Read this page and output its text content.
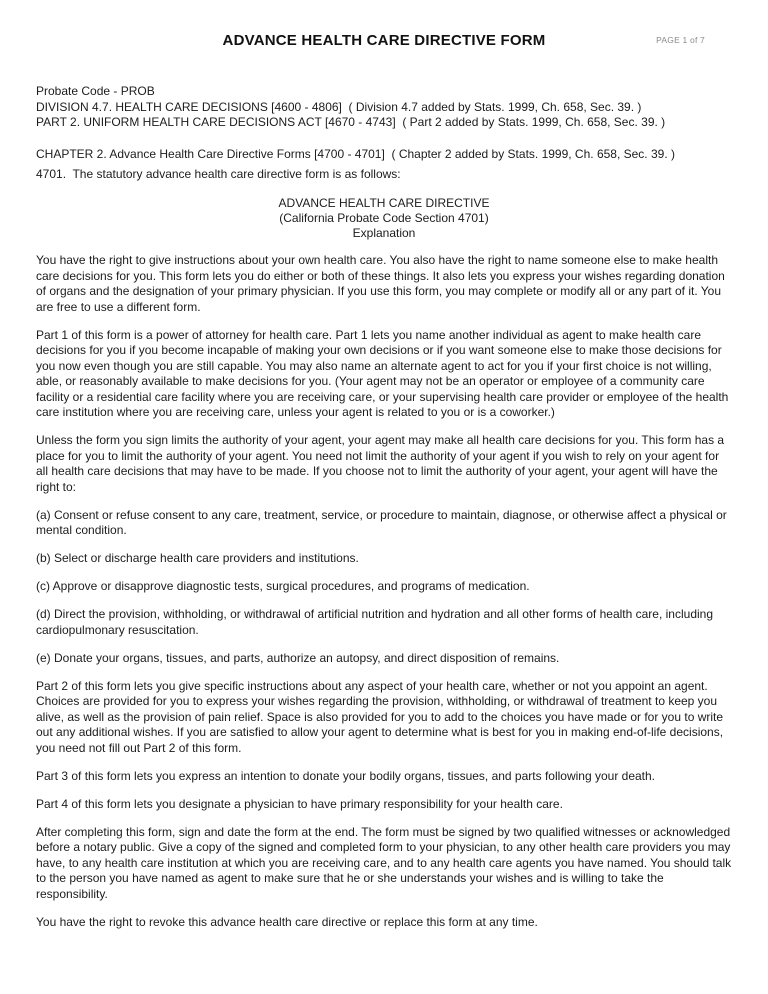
PAGE 1 of 7
ADVANCE HEALTH CARE DIRECTIVE FORM
Probate Code - PROB
DIVISION 4.7. HEALTH CARE DECISIONS [4600 - 4806]  ( Division 4.7 added by Stats. 1999, Ch. 658, Sec. 39. )
PART 2. UNIFORM HEALTH CARE DECISIONS ACT [4670 - 4743]  ( Part 2 added by Stats. 1999, Ch. 658, Sec. 39. )
CHAPTER 2. Advance Health Care Directive Forms [4700 - 4701]  ( Chapter 2 added by Stats. 1999, Ch. 658, Sec. 39. )
4701.  The statutory advance health care directive form is as follows:
ADVANCE HEALTH CARE DIRECTIVE
(California Probate Code Section 4701)
Explanation

You have the right to give instructions about your own health care. You also have the right to name someone else to make health care decisions for you. This form lets you do either or both of these things. It also lets you express your wishes regarding donation of organs and the designation of your primary physician. If you use this form, you may complete or modify all or any part of it. You are free to use a different form.

Part 1 of this form is a power of attorney for health care. Part 1 lets you name another individual as agent to make health care decisions for you if you become incapable of making your own decisions or if you want someone else to make those decisions for you now even though you are still capable. You may also name an alternate agent to act for you if your first choice is not willing, able, or reasonably available to make decisions for you. (Your agent may not be an operator or employee of a community care facility or a residential care facility where you are receiving care, or your supervising health care provider or employee of the health care institution where you are receiving care, unless your agent is related to you or is a coworker.)

Unless the form you sign limits the authority of your agent, your agent may make all health care decisions for you. This form has a place for you to limit the authority of your agent. You need not limit the authority of your agent if you wish to rely on your agent for all health care decisions that may have to be made. If you choose not to limit the authority of your agent, your agent will have the right to:

(a) Consent or refuse consent to any care, treatment, service, or procedure to maintain, diagnose, or otherwise affect a physical or mental condition.

(b) Select or discharge health care providers and institutions.

(c) Approve or disapprove diagnostic tests, surgical procedures, and programs of medication.

(d) Direct the provision, withholding, or withdrawal of artificial nutrition and hydration and all other forms of health care, including cardiopulmonary resuscitation.

(e) Donate your organs, tissues, and parts, authorize an autopsy, and direct disposition of remains.

Part 2 of this form lets you give specific instructions about any aspect of your health care, whether or not you appoint an agent. Choices are provided for you to express your wishes regarding the provision, withholding, or withdrawal of treatment to keep you alive, as well as the provision of pain relief. Space is also provided for you to add to the choices you have made or for you to write out any additional wishes. If you are satisfied to allow your agent to determine what is best for you in making end-of-life decisions, you need not fill out Part 2 of this form.

Part 3 of this form lets you express an intention to donate your bodily organs, tissues, and parts following your death.

Part 4 of this form lets you designate a physician to have primary responsibility for your health care.

After completing this form, sign and date the form at the end. The form must be signed by two qualified witnesses or acknowledged before a notary public. Give a copy of the signed and completed form to your physician, to any other health care providers you may have, to any health care institution at which you are receiving care, and to any health care agents you have named. You should talk to the person you have named as agent to make sure that he or she understands your wishes and is willing to take the responsibility.

You have the right to revoke this advance health care directive or replace this form at any time.
